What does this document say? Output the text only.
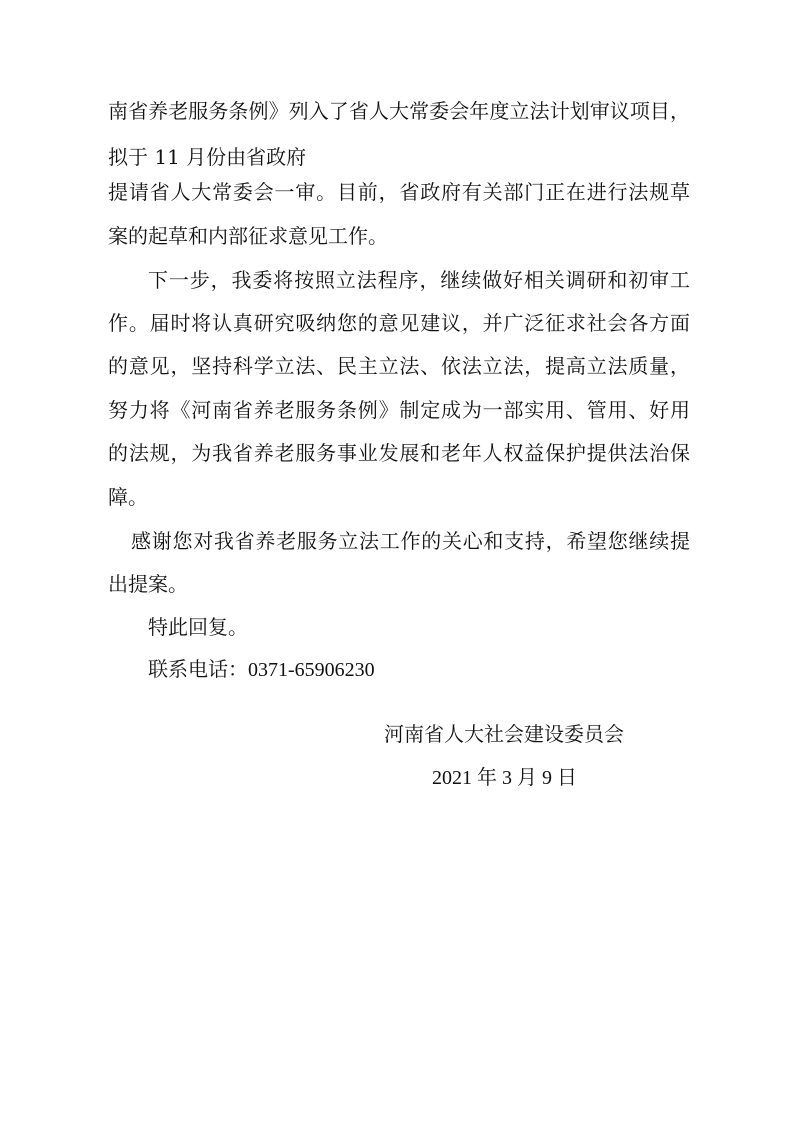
南省养老服务条例》列入了省人大常委会年度立法计划审议项目，
拟于 11 月份由省政府
提请省人大常委会一审。目前，省政府有关部门正在进行法规草
案的起草和内部征求意见工作。
下一步，我委将按照立法程序，继续做好相关调研和初审工
作。届时将认真研究吸纳您的意见建议，并广泛征求社会各方面
的意见，坚持科学立法、民主立法、依法立法，提高立法质量，
努力将《河南省养老服务条例》制定成为一部实用、管用、好用
的法规，为我省养老服务事业发展和老年人权益保护提供法治保
障。
感谢您对我省养老服务立法工作的关心和支持，希望您继续提
出提案。
特此回复。
联系电话：0371-65906230
河南省人大社会建设委员会
2021 年 3 月 9 日
